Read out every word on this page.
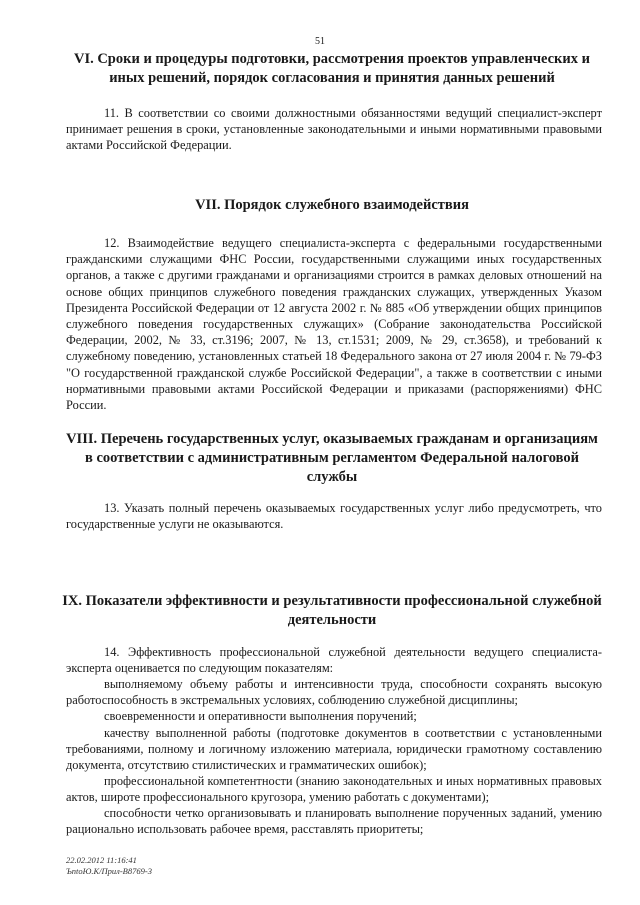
51
VI. Сроки и процедуры подготовки, рассмотрения проектов управленческих и иных решений, порядок согласования и принятия данных решений
11. В соответствии со своими должностными обязанностями ведущий специалист-эксперт принимает решения в сроки, установленные законодательными и иными нормативными правовыми актами Российской Федерации.
VII. Порядок служебного взаимодействия
12. Взаимодействие ведущего специалиста-эксперта с федеральными государственными гражданскими служащими ФНС России, государственными служащими иных государственных органов, а также с другими гражданами и организациями строится в рамках деловых отношений на основе общих принципов служебного поведения гражданских служащих, утвержденных Указом Президента Российской Федерации от 12 августа 2002 г. № 885 «Об утверждении общих принципов служебного поведения государственных служащих» (Собрание законодательства Российской Федерации, 2002, № 33, ст.3196; 2007, № 13, ст.1531; 2009, № 29, ст.3658), и требований к служебному поведению, установленных статьей 18 Федерального закона от 27 июля 2004 г. № 79-ФЗ "О государственной гражданской службе Российской Федерации", а также в соответствии с иными нормативными правовыми актами Российской Федерации и приказами (распоряжениями) ФНС России.
VIII. Перечень государственных услуг, оказываемых гражданам и организациям в соответствии с административным регламентом Федеральной налоговой службы
13. Указать полный перечень оказываемых государственных услуг либо предусмотреть, что государственные услуги не оказываются.
IX. Показатели эффективности и результативности профессиональной служебной деятельности
14. Эффективность профессиональной служебной деятельности ведущего специалиста-эксперта оценивается по следующим показателям:
выполняемому объему работы и интенсивности труда, способности сохранять высокую работоспособность в экстремальных условиях, соблюдению служебной дисциплины;
своевременности и оперативности выполнения поручений;
качеству выполненной работы (подготовке документов в соответствии с установленными требованиями, полному и логичному изложению материала, юридически грамотному составлению документа, отсутствию стилистических и грамматических ошибок);
профессиональной компетентности (знанию законодательных и иных нормативных правовых актов, широте профессионального кругозора, умению работать с документами);
способности четко организовывать и планировать выполнение порученных заданий, умению рационально использовать рабочее время, расставлять приоритеты;
22.02.2012 11:16:41
ЪntoЮ.К/Прил-В8769-3
